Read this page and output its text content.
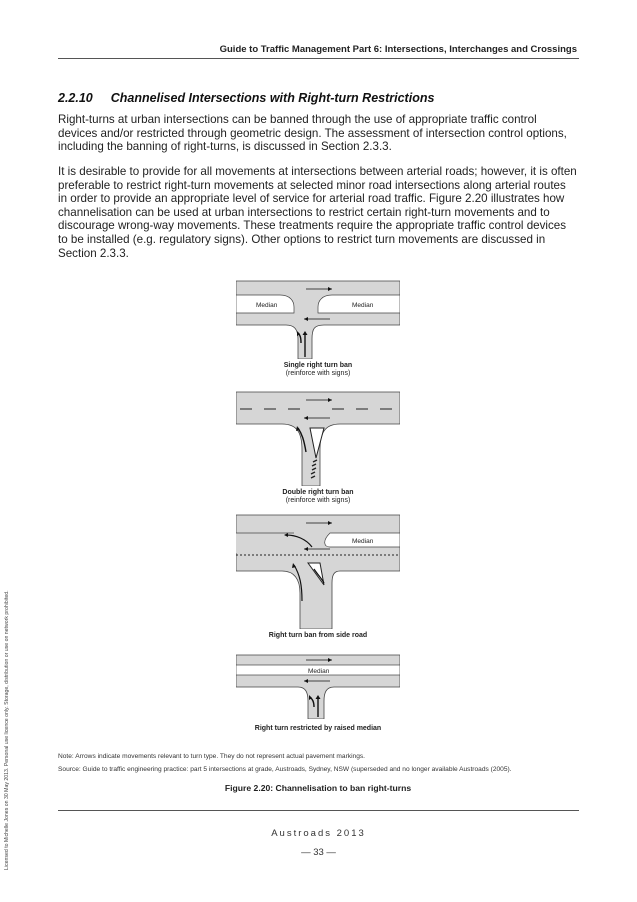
Guide to Traffic Management Part 6: Intersections, Interchanges and Crossings
2.2.10 Channelised Intersections with Right-turn Restrictions
Right-turns at urban intersections can be banned through the use of appropriate traffic control devices and/or restricted through geometric design. The assessment of intersection control options, including the banning of right-turns, is discussed in Section 2.3.3.
It is desirable to provide for all movements at intersections between arterial roads; however, it is often preferable to restrict right-turn movements at selected minor road intersections along arterial routes in order to provide an appropriate level of service for arterial road traffic. Figure 2.20 illustrates how channelisation can be used at urban intersections to restrict certain right-turn movements and to discourage wrong-way movements. These treatments require the appropriate traffic control devices to be installed (e.g. regulatory signs). Other options to restrict turn movements are discussed in Section 2.3.3.
Median	Median
Single right turn ban
(reinforce with signs)
Double right turn ban
(reinforce with signs)
Median
Right turn ban from side road
Median
Right turn restricted by raised median
Note: Arrows indicate movements relevant to turn type. They do not represent actual pavement markings.
Source: Guide to traffic engineering practice: part 5 intersections at grade, Austroads, Sydney, NSW (superseded and no longer available Austroads (2005).
Figure 2.20: Channelisation to ban right-turns
Austroads 2013
— 33 —
Licensed to Michelle Jones on 30 May 2013. Personal use licence only. Storage, distribution or use on network prohibited.
